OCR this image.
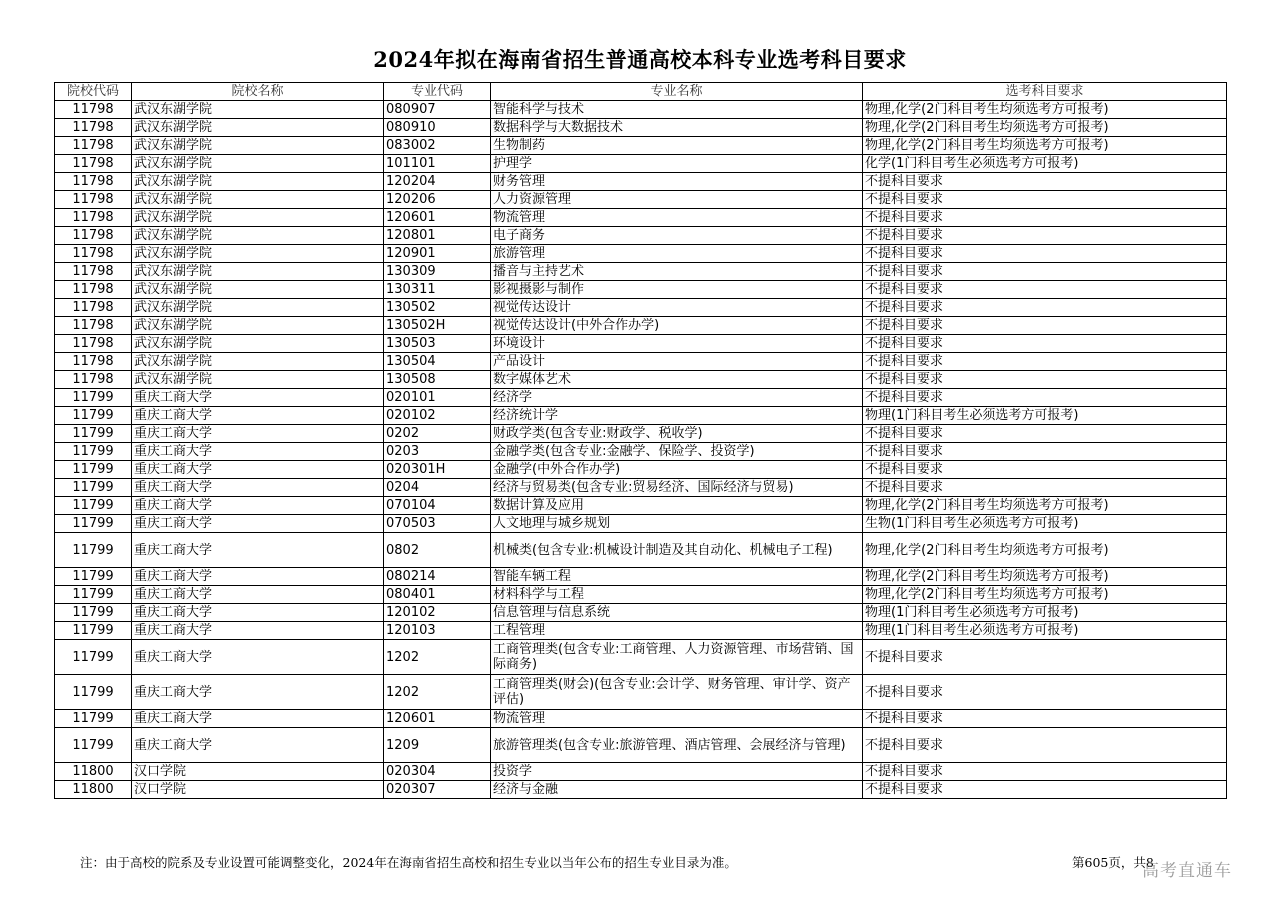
2024年拟在海南省招生普通高校本科专业选考科目要求
院校代码	院校名称	专业代码	专业名称	选考科目要求
11798	武汉东湖学院	080907	智能科学与技术	物理,化学(2门科目考生均须选考方可报考)
11798	武汉东湖学院	080910	数据科学与大数据技术	物理,化学(2门科目考生均须选考方可报考)
11798	武汉东湖学院	083002	生物制药	物理,化学(2门科目考生均须选考方可报考)
11798	武汉东湖学院	101101	护理学	化学(1门科目考生必须选考方可报考)
11798	武汉东湖学院	120204	财务管理	不提科目要求
11798	武汉东湖学院	120206	人力资源管理	不提科目要求
11798	武汉东湖学院	120601	物流管理	不提科目要求
11798	武汉东湖学院	120801	电子商务	不提科目要求
11798	武汉东湖学院	120901	旅游管理	不提科目要求
11798	武汉东湖学院	130309	播音与主持艺术	不提科目要求
11798	武汉东湖学院	130311	影视摄影与制作	不提科目要求
11798	武汉东湖学院	130502	视觉传达设计	不提科目要求
11798	武汉东湖学院	130502H	视觉传达设计(中外合作办学)	不提科目要求
11798	武汉东湖学院	130503	环境设计	不提科目要求
11798	武汉东湖学院	130504	产品设计	不提科目要求
11798	武汉东湖学院	130508	数字媒体艺术	不提科目要求
11799	重庆工商大学	020101	经济学	不提科目要求
11799	重庆工商大学	020102	经济统计学	物理(1门科目考生必须选考方可报考)
11799	重庆工商大学	0202	财政学类(包含专业:财政学、税收学)	不提科目要求
11799	重庆工商大学	0203	金融学类(包含专业:金融学、保险学、投资学)	不提科目要求
11799	重庆工商大学	020301H	金融学(中外合作办学)	不提科目要求
11799	重庆工商大学	0204	经济与贸易类(包含专业:贸易经济、国际经济与贸易)	不提科目要求
11799	重庆工商大学	070104	数据计算及应用	物理,化学(2门科目考生均须选考方可报考)
11799	重庆工商大学	070503	人文地理与城乡规划	生物(1门科目考生必须选考方可报考)
11799	重庆工商大学	0802	机械类(包含专业:机械设计制造及其自动化、机械电子工程)	物理,化学(2门科目考生均须选考方可报考)
11799	重庆工商大学	080214	智能车辆工程	物理,化学(2门科目考生均须选考方可报考)
11799	重庆工商大学	080401	材料科学与工程	物理,化学(2门科目考生均须选考方可报考)
11799	重庆工商大学	120102	信息管理与信息系统	物理(1门科目考生必须选考方可报考)
11799	重庆工商大学	120103	工程管理	物理(1门科目考生必须选考方可报考)
11799	重庆工商大学	1202	工商管理类(包含专业:工商管理、人力资源管理、市场营销、国际商务)	不提科目要求
11799	重庆工商大学	1202	工商管理类(财会)(包含专业:会计学、财务管理、审计学、资产评估)	不提科目要求
11799	重庆工商大学	120601	物流管理	不提科目要求
11799	重庆工商大学	1209	旅游管理类(包含专业:旅游管理、酒店管理、会展经济与管理)	不提科目要求
11800	汉口学院	020304	投资学	不提科目要求
11800	汉口学院	020307	经济与金融	不提科目要求
注：由于高校的院系及专业设置可能调整变化，2024年在海南省招生高校和招生专业以当年公布的招生专业目录为准。	第605页，共8
高考直通车
